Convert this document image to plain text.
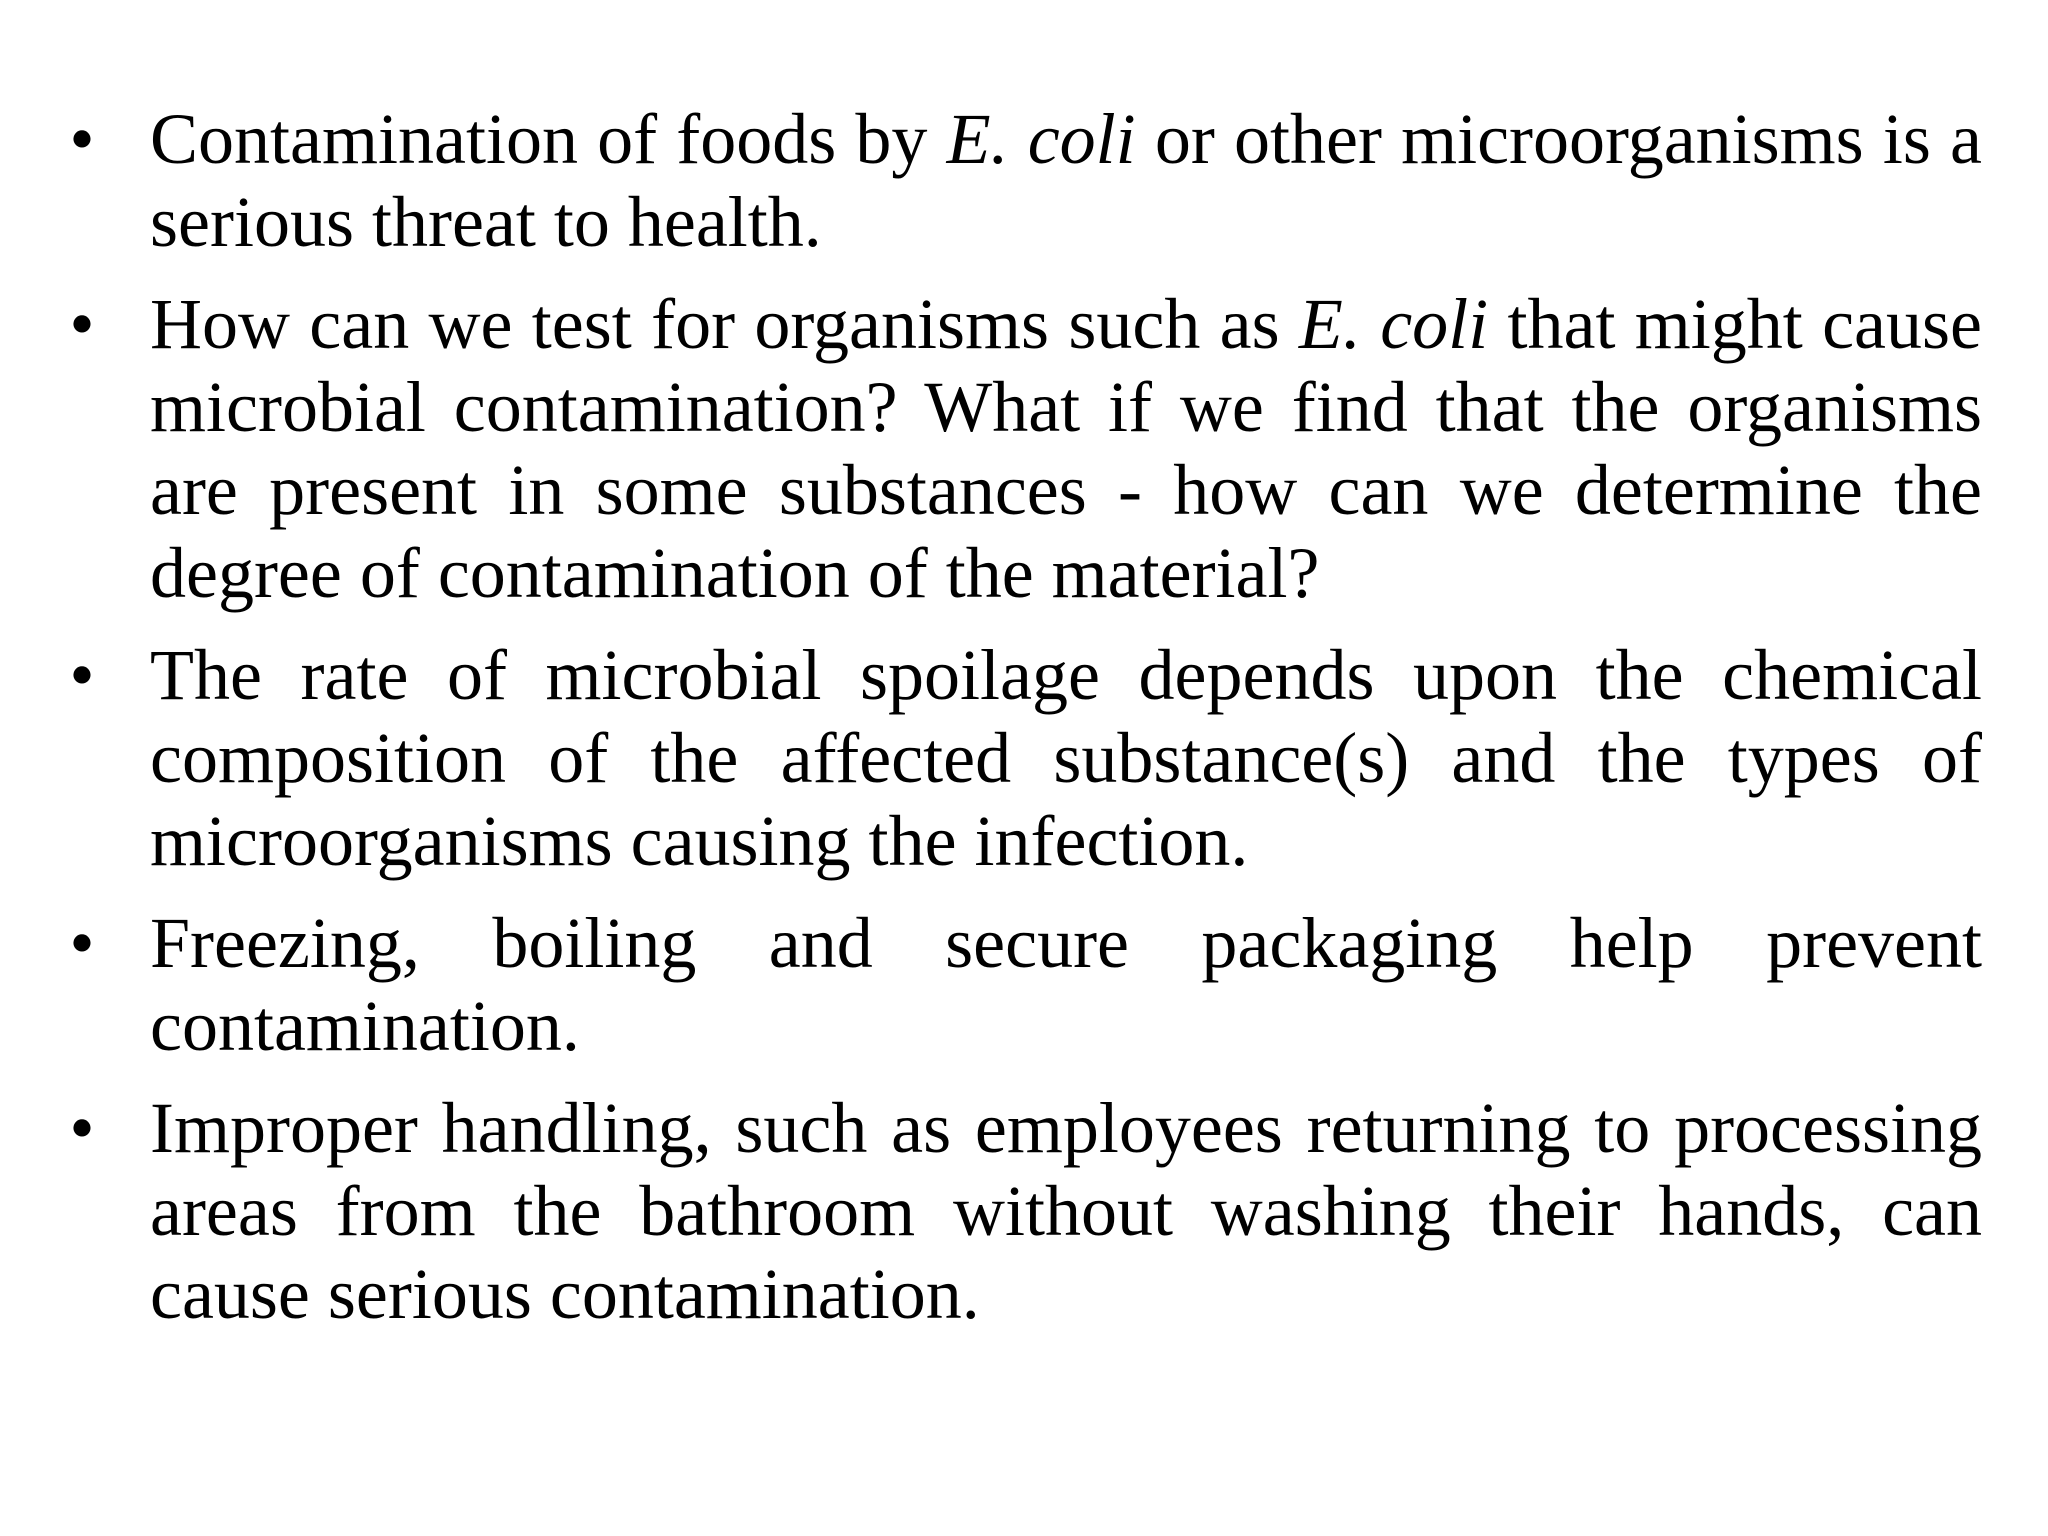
• Contamination of foods by E. coli or other microorganisms is a serious threat to health.
• How can we test for organisms such as E. coli that might cause microbial contamination? What if we find that the organisms are present in some substances - how can we determine the degree of contamination of the material?
• The rate of microbial spoilage depends upon the chemical composition of the affected substance(s) and the types of microorganisms causing the infection.
• Freezing, boiling and secure packaging help prevent contamination.
• Improper handling, such as employees returning to processing areas from the bathroom without washing their hands, can cause serious contamination.
